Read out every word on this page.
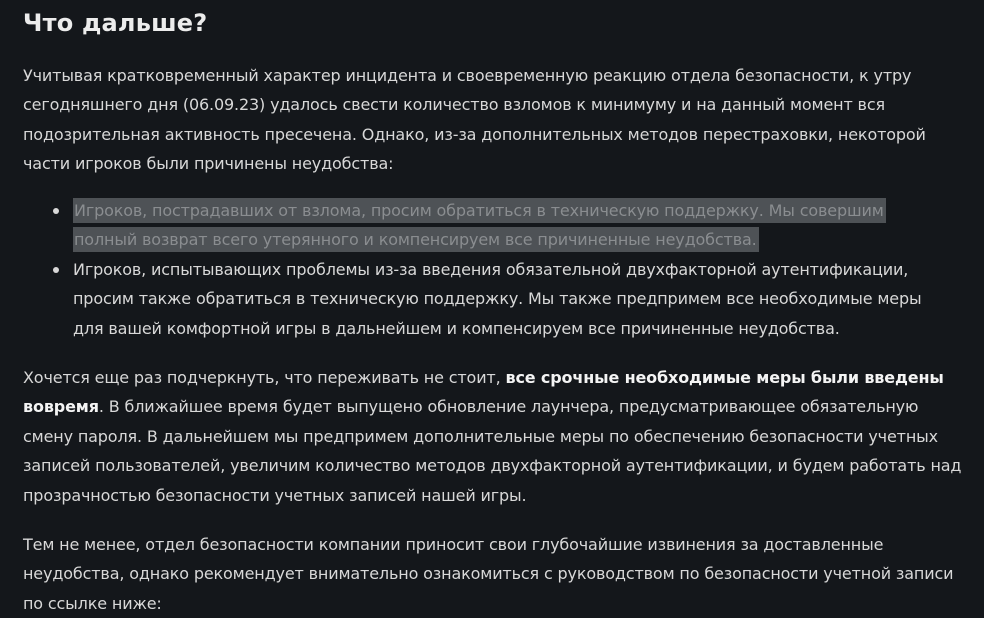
Что дальше?

Учитывая кратковременный характер инцидента и своевременную реакцию отдела безопасности, к утру сегодняшнего дня (06.09.23) удалось свести количество взломов к минимуму и на данный момент вся подозрительная активность пресечена. Однако, из-за дополнительных методов перестраховки, некоторой части игроков были причинены неудобства:

Игроков, пострадавших от взлома, просим обратиться в техническую поддержку. Мы совершим полный возврат всего утерянного и компенсируем все причиненные неудобства.
Игроков, испытывающих проблемы из-за введения обязательной двухфакторной аутентификации, просим также обратиться в техническую поддержку. Мы также предпримем все необходимые меры для вашей комфортной игры в дальнейшем и компенсируем все причиненные неудобства.

Хочется еще раз подчеркнуть, что переживать не стоит, все срочные необходимые меры были введены вовремя. В ближайшее время будет выпущено обновление лаунчера, предусматривающее обязательную смену пароля. В дальнейшем мы предпримем дополнительные меры по обеспечению безопасности учетных записей пользователей, увеличим количество методов двухфакторной аутентификации, и будем работать над прозрачностью безопасности учетных записей нашей игры.

Тем не менее, отдел безопасности компании приносит свои глубочайшие извинения за доставленные неудобства, однако рекомендует внимательно ознакомиться с руководством по безопасности учетной записи по ссылке ниже:
